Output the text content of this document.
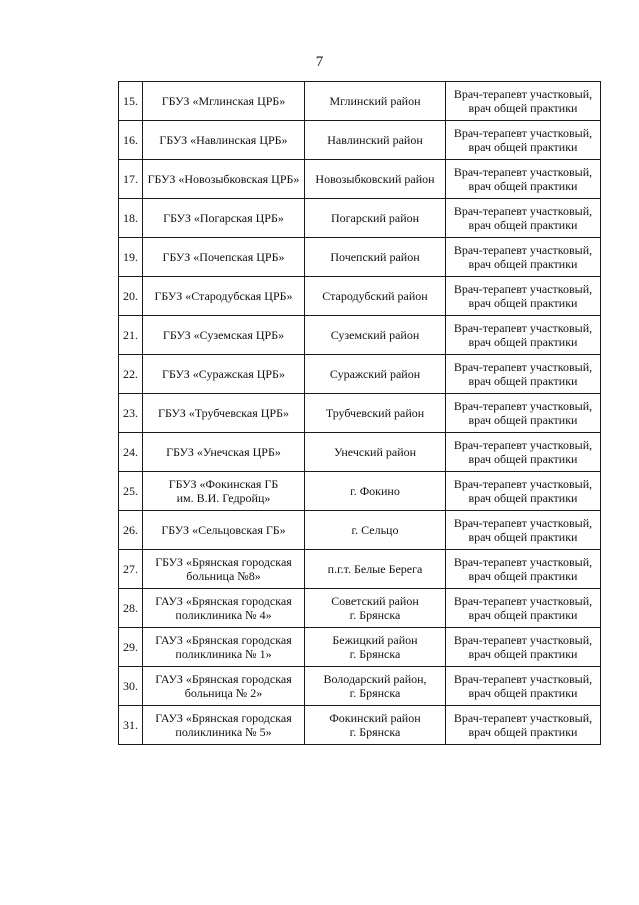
7
15.	ГБУЗ «Мглинская ЦРБ»	Мглинский район	Врач-терапевт участковый,
врач общей практики
16.	ГБУЗ «Навлинская ЦРБ»	Навлинский район	Врач-терапевт участковый,
врач общей практики
17.	ГБУЗ «Новозыбковская ЦРБ»	Новозыбковский район	Врач-терапевт участковый,
врач общей практики
18.	ГБУЗ «Погарская ЦРБ»	Погарский район	Врач-терапевт участковый,
врач общей практики
19.	ГБУЗ «Почепская ЦРБ»	Почепский район	Врач-терапевт участковый,
врач общей практики
20.	ГБУЗ «Стародубская ЦРБ»	Стародубский район	Врач-терапевт участковый,
врач общей практики
21.	ГБУЗ «Суземская ЦРБ»	Суземский район	Врач-терапевт участковый,
врач общей практики
22.	ГБУЗ «Суражская ЦРБ»	Суражский район	Врач-терапевт участковый,
врач общей практики
23.	ГБУЗ «Трубчевская ЦРБ»	Трубчевский район	Врач-терапевт участковый,
врач общей практики
24.	ГБУЗ «Унечская ЦРБ»	Унечский район	Врач-терапевт участковый,
врач общей практики
25.	ГБУЗ «Фокинская ГБ
им. В.И. Гедройц»	г. Фокино	Врач-терапевт участковый,
врач общей практики
26.	ГБУЗ «Сельцовская ГБ»	г. Сельцо	Врач-терапевт участковый,
врач общей практики
27.	ГБУЗ «Брянская городская
больница №8»	п.г.т. Белые Берега	Врач-терапевт участковый,
врач общей практики
28.	ГАУЗ «Брянская городская
поликлиника № 4»	Советский район
г. Брянска	Врач-терапевт участковый,
врач общей практики
29.	ГАУЗ «Брянская городская
поликлиника № 1»	Бежицкий район
г. Брянска	Врач-терапевт участковый,
врач общей практики
30.	ГАУЗ «Брянская городская
больница № 2»	Володарский район,
г. Брянска	Врач-терапевт участковый,
врач общей практики
31.	ГАУЗ «Брянская городская
поликлиника № 5»	Фокинский район
г. Брянска	Врач-терапевт участковый,
врач общей практики
